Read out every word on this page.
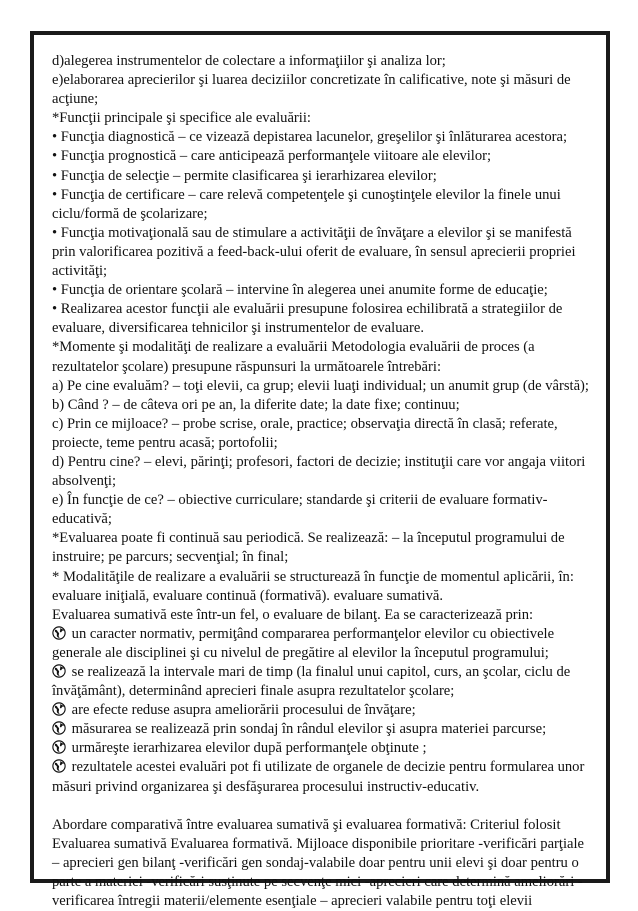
d)alegerea instrumentelor de colectare a informaţiilor şi analiza lor;

e)elaborarea aprecierilor şi luarea deciziilor concretizate în calificative, note şi măsuri de acţiune;

*Funcţii principale şi specifice ale evaluării:

• Funcţia diagnostică – ce vizează depistarea lacunelor, greşelilor şi înlăturarea acestora;

• Funcţia prognostică – care anticipează performanţele viitoare ale elevilor;

• Funcţia de selecţie – permite clasificarea şi ierarhizarea elevilor;

• Funcţia de certificare – care relevă competenţele şi cunoştinţele elevilor la finele unui ciclu/formă de şcolarizare;

• Funcţia motivaţională sau de stimulare a activităţii de învăţare a elevilor şi se manifestă prin valorificarea pozitivă a feed-back-ului oferit de evaluare, în sensul aprecierii propriei activităţi;

• Funcţia de orientare şcolară – intervine în alegerea unei anumite forme de educaţie;

• Realizarea acestor funcţii ale evaluării presupune folosirea echilibrată a strategiilor de evaluare, diversificarea tehnicilor şi instrumentelor de evaluare.

*Momente şi modalităţi de realizare a evaluării Metodologia evaluării de proces (a rezultatelor şcolare) presupune răspunsuri la următoarele întrebări:

a) Pe cine evaluăm? – toţi elevii, ca grup; elevii luaţi individual; un anumit grup (de vârstă);

b) Când ? – de câteva ori pe an, la diferite date; la date fixe; continuu;

c) Prin ce mijloace? – probe scrise, orale, practice; observaţia directă în clasă; referate, proiecte, teme pentru acasă; portofolii;

d) Pentru cine? – elevi, părinţi; profesori, factori de decizie; instituţii care vor angaja viitori absolvenţi;

e) În funcţie de ce? – obiective curriculare; standarde şi criterii de evaluare formativ-educativă;

*Evaluarea poate fi continuă sau periodică. Se realizează: – la începutul programului de instruire; pe parcurs; secvenţial; în final;

* Modalităţile de realizare a evaluării se structurează în funcţie de momentul aplicării, în: evaluare iniţială, evaluare continuă (formativă). evaluare sumativă.

Evaluarea sumativă este într-un fel, o evaluare de bilanţ. Ea se caracterizează prin:

un caracter normativ, permiţând compararea performanţelor elevilor cu obiectivele generale ale disciplinei şi cu nivelul de pregătire al elevilor la începutul programului;

se realizează la intervale mari de timp (la finalul unui capitol, curs, an şcolar, ciclu de învăţământ), determinând aprecieri finale asupra rezultatelor şcolare;

are efecte reduse asupra ameliorării procesului de învăţare;

măsurarea se realizează prin sondaj în rândul elevilor şi asupra materiei parcurse;

urmăreşte ierarhizarea elevilor după performanţele obţinute ;

rezultatele acestei evaluări pot fi utilizate de organele de decizie pentru formularea unor măsuri privind organizarea şi desfăşurarea procesului instructiv-educativ.

Abordare comparativă între evaluarea sumativă şi evaluarea formativă: Criteriul folosit Evaluarea sumativă Evaluarea formativă. Mijloace disponibile prioritare -verificări parţiale – aprecieri gen bilanţ -verificări gen sondaj-valabile doar pentru unii elevi şi doar pentru o parte a materiei -verificări susţinute pe secvenţe mici -aprecieri care determină ameliorări -verificarea întregii materii/elemente esenţiale – aprecieri valabile pentru toţi elevii
